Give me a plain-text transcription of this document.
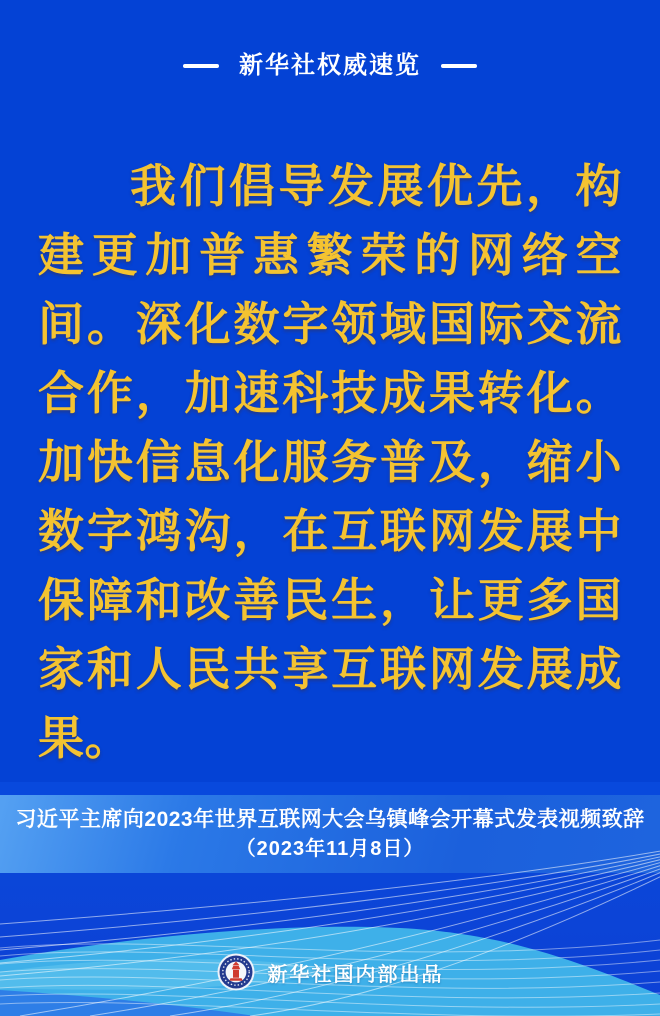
新华社权威速览
我们倡导发展优先，构建更加普惠繁荣的网络空间。深化数字领域国际交流合作，加速科技成果转化。加快信息化服务普及，缩小数字鸿沟，在互联网发展中保障和改善民生，让更多国家和人民共享互联网发展成果。
习近平主席向2023年世界互联网大会乌镇峰会开幕式发表视频致辞
（2023年11月8日）
新华社国内部出品
